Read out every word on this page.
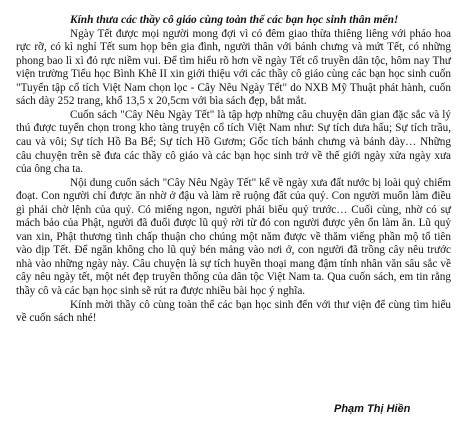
Kính thưa các thầy cô giáo cùng toàn thể các bạn học sinh thân mến!

Ngày Tết được mọi người mong đợi vì có đêm giao thừa thiêng liêng với pháo hoa rực rỡ, có kì nghỉ Tết sum họp bên gia đình, người thân với bánh chưng và mứt Tết, có những phong bao lì xì đỏ rực niềm vui. Để tìm hiểu rõ hơn về ngày Tết cổ truyền dân tộc, hôm nay Thư viện trường Tiểu học Bình Khê II xin giới thiệu với các thầy cô giáo cùng các bạn học sinh cuốn "Tuyển tập cổ tích Việt Nam chọn lọc - Cây Nêu Ngày Tết" do NXB Mỹ Thuật phát hành, cuốn sách dày 252 trang, khổ 13,5 x 20,5cm với bìa sách đẹp, bắt mắt.

Cuốn sách "Cây Nêu Ngày Tết" là tập hợp những câu chuyện dân gian đặc sắc và lý thú được tuyển chọn trong kho tàng truyện cổ tích Việt Nam như: Sự tích dưa hấu; Sự tích trầu, cau và vôi; Sự tích Hồ Ba Bể; Sự tích Hồ Gươm; Gốc tích bánh chưng và bánh dày… Những câu chuyện trên sẽ đưa các thầy cô giáo và các bạn học sinh trở về thế giới ngày xửa ngày xưa của ông cha ta.

Nội dung cuốn sách "Cây Nêu Ngày Tết" kể về ngày xưa đất nước bị loài quỷ chiếm đoạt. Con người chỉ được ăn nhờ ở đậu và làm rẽ ruộng đất của quỷ. Con người muốn làm điều gì phải chờ lệnh của quỷ. Có miếng ngon, người phải biếu quỷ trước… Cuối cùng, nhờ có sự mách bảo của Phật, người đã đuổi được lũ quỷ rời từ đó con người được yên ổn làm ăn. Lũ quỷ van xin, Phật thương tình chấp thuận cho chúng một năm được về thăm viếng phần mộ tổ tiên vào dịp Tết. Để ngăn không cho lũ quỷ bén mảng vào nơi ở, con người đã trồng cây nêu trước nhà vào những ngày này. Câu chuyện là sự tích huyền thoại mang đậm tính nhân văn sâu sắc về cây nêu ngày tết, một nét đẹp truyền thống của dân tộc Việt Nam ta. Qua cuốn sách, em tin rằng thầy cô và các bạn học sinh sẽ rút ra được nhiều bài học ý nghĩa.

Kính mời thầy cô cùng toàn thể các bạn học sinh đến với thư viện để cùng tìm hiểu về cuốn sách nhé!

Phạm Thị Hiền
